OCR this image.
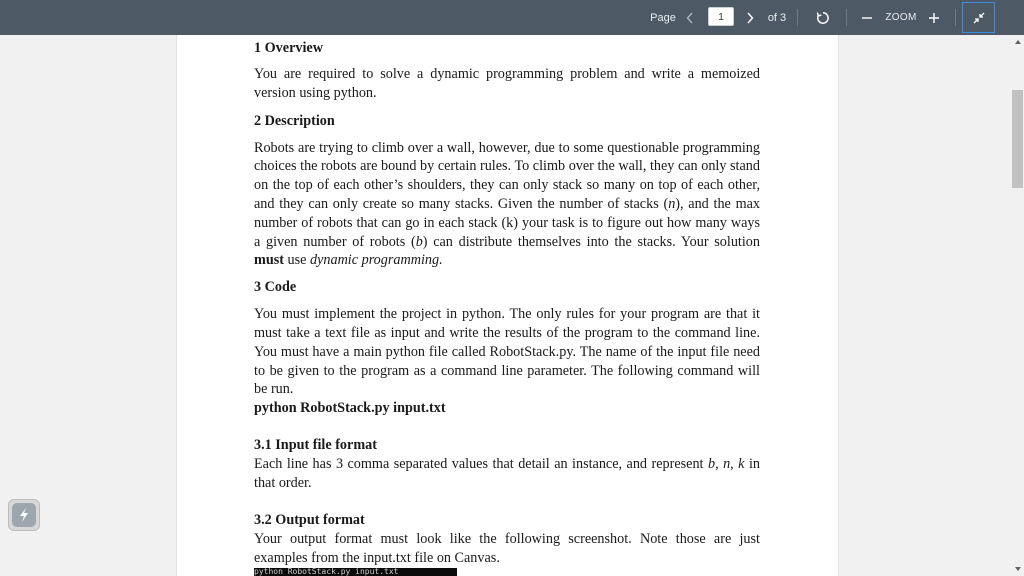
Page	1	of 3	ZOOM

1 Overview

You are required to solve a dynamic programming problem and write a memoized version using python.

2 Description

Robots are trying to climb over a wall, however, due to some questionable programming choices the robots are bound by certain rules. To climb over the wall, they can only stand on the top of each other’s shoulders, they can only stack so many on top of each other, and they can only create so many stacks. Given the number of stacks (n), and the max number of robots that can go in each stack (k) your task is to figure out how many ways a given number of robots (b) can distribute themselves into the stacks. Your solution must use dynamic programming.

3 Code

You must implement the project in python. The only rules for your program are that it must take a text file as input and write the results of the program to the command line. You must have a main python file called RobotStack.py. The name of the input file need to be given to the program as a command line parameter. The following command will be run.

python RobotStack.py input.txt

3.1 Input file format

Each line has 3 comma separated values that detail an instance, and represent b, n, k in that order.

3.2 Output format

Your output format must look like the following screenshot. Note those are just examples from the input.txt file on Canvas.

python RobotStack.py input.txt
